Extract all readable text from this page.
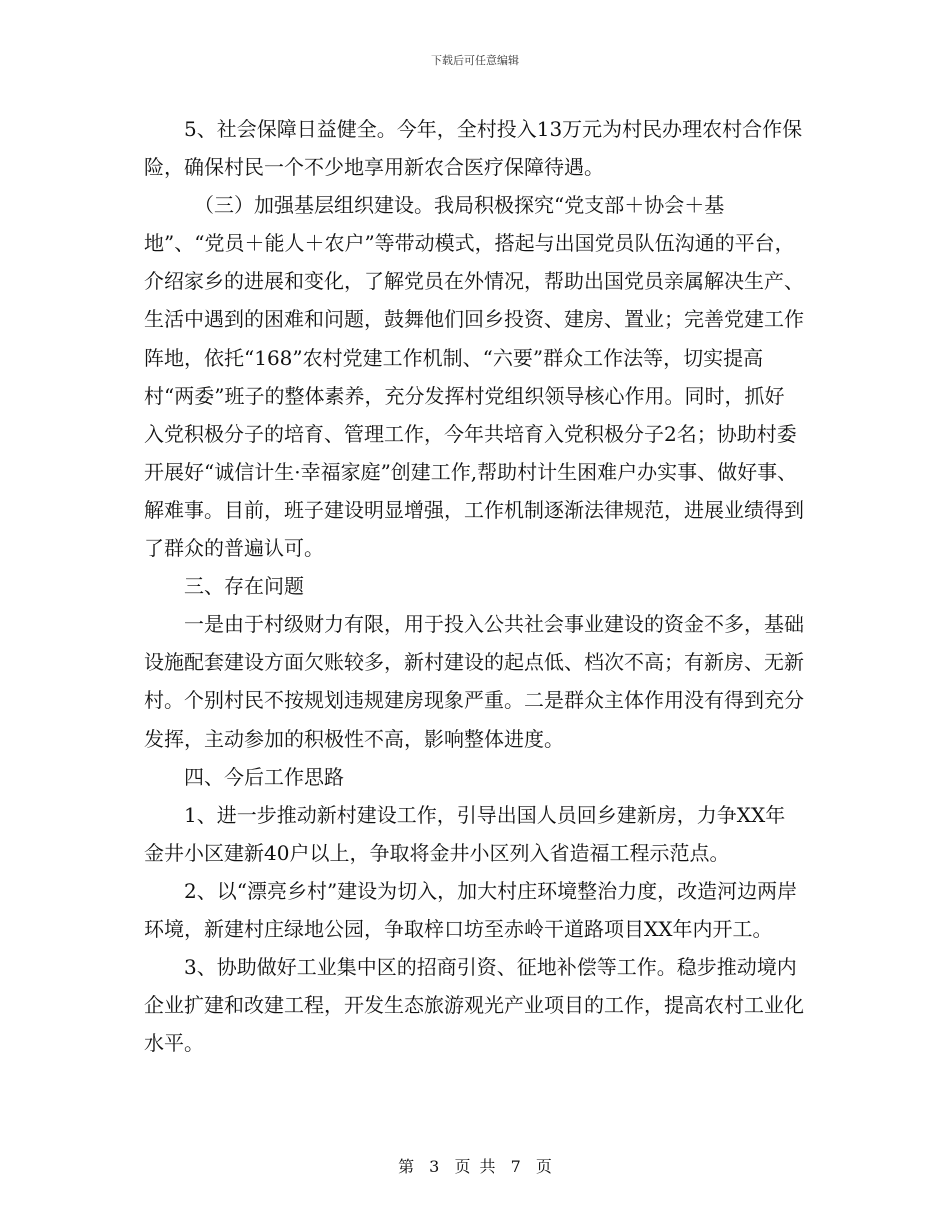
下载后可任意编辑

5、社会保障日益健全。今年，全村投入13万元为村民办理农村合作保险，确保村民一个不少地享用新农合医疗保障待遇。

（三）加强基层组织建设。我局积极探究“党支部＋协会＋基地”、“党员＋能人＋农户”等带动模式，搭起与出国党员队伍沟通的平台，介绍家乡的进展和变化，了解党员在外情况，帮助出国党员亲属解决生产、生活中遇到的困难和问题，鼓舞他们回乡投资、建房、置业；完善党建工作阵地，依托“168”农村党建工作机制、“六要”群众工作法等，切实提高村“两委”班子的整体素养，充分发挥村党组织领导核心作用。同时，抓好入党积极分子的培育、管理工作，今年共培育入党积极分子2名；协助村委开展好“诚信计生·幸福家庭”创建工作,帮助村计生困难户办实事、做好事、解难事。目前，班子建设明显增强，工作机制逐渐法律规范，进展业绩得到了群众的普遍认可。

三、存在问题

一是由于村级财力有限，用于投入公共社会事业建设的资金不多，基础设施配套建设方面欠账较多，新村建设的起点低、档次不高；有新房、无新村。个别村民不按规划违规建房现象严重。二是群众主体作用没有得到充分发挥，主动参加的积极性不高，影响整体进度。

四、今后工作思路

1、进一步推动新村建设工作，引导出国人员回乡建新房，力争XX年金井小区建新40户以上，争取将金井小区列入省造福工程示范点。

2、以“漂亮乡村”建设为切入，加大村庄环境整治力度，改造河边两岸环境，新建村庄绿地公园，争取梓口坊至赤岭干道路项目XX年内开工。

3、协助做好工业集中区的招商引资、征地补偿等工作。稳步推动境内企业扩建和改建工程，开发生态旅游观光产业项目的工作，提高农村工业化水平。

第 3 页 共 7 页
